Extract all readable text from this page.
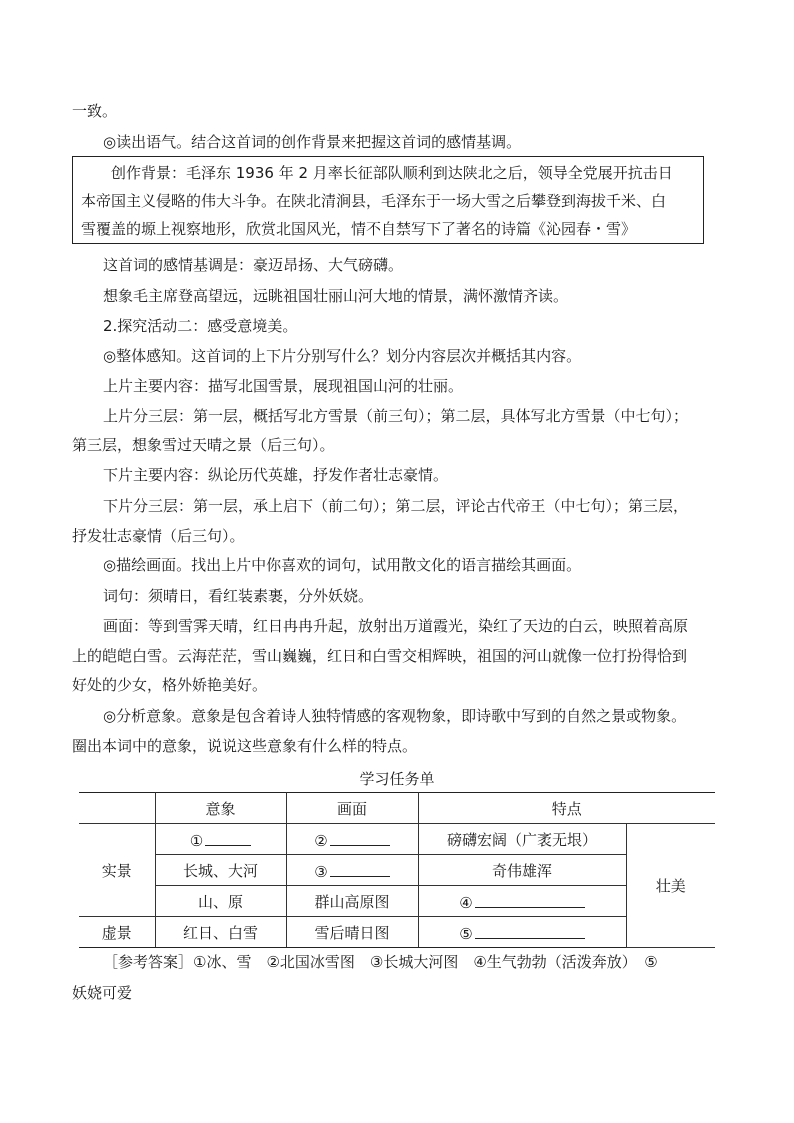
一致。
◎读出语气。结合这首词的创作背景来把握这首词的感情基调。

创作背景：毛泽东 1936 年 2 月率长征部队顺利到达陕北之后，领导全党展开抗击日

本帝国主义侵略的伟大斗争。在陕北清涧县，毛泽东于一场大雪之后攀登到海拔千米、白

雪覆盖的塬上视察地形，欣赏北国风光，情不自禁写下了著名的诗篇《沁园春・雪》

这首词的感情基调是：豪迈昂扬、大气磅礴。
想象毛主席登高望远，远眺祖国壮丽山河大地的情景，满怀激情齐读。
2.探究活动二：感受意境美。
◎整体感知。这首词的上下片分别写什么？划分内容层次并概括其内容。
上片主要内容：描写北国雪景，展现祖国山河的壮丽。
上片分三层：第一层，概括写北方雪景（前三句）；第二层，具体写北方雪景（中七句）；
第三层，想象雪过天晴之景（后三句）。
下片主要内容：纵论历代英雄，抒发作者壮志豪情。
下片分三层：第一层，承上启下（前二句）；第二层，评论古代帝王（中七句）；第三层，
抒发壮志豪情（后三句）。
◎描绘画面。找出上片中你喜欢的词句，试用散文化的语言描绘其画面。
词句：须晴日，看红装素裹，分外妖娆。
画面：等到雪霁天晴，红日冉冉升起，放射出万道霞光，染红了天边的白云，映照着高原
上的皑皑白雪。云海茫茫，雪山巍巍，红日和白雪交相辉映，祖国的河山就像一位打扮得恰到
好处的少女，格外娇艳美好。
◎分析意象。意象是包含着诗人独特情感的客观物象，即诗歌中写到的自然之景或物象。
圈出本词中的意象，说说这些意象有什么样的特点。
学习任务单
	意象	画面	特点	
实景	①	②	磅礴宏阔（广袤无垠）	壮美
	长城、大河	③	奇伟雄浑	
	山、原	群山高原图	④	
虚景	红日、白雪	雪后晴日图	⑤	
［参考答案］①冰、雪　②北国冰雪图　③长城大河图　④生气勃勃（活泼奔放）　⑤
妖娆可爱
